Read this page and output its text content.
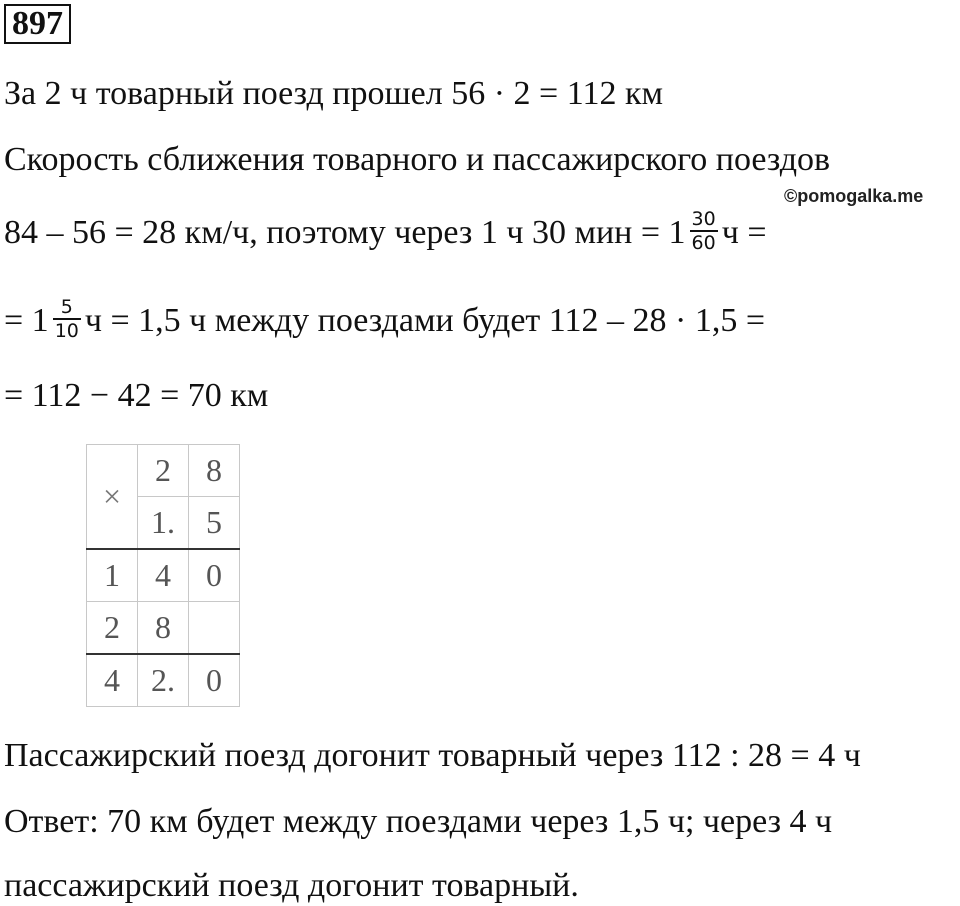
897
За 2 ч товарный поезд прошел 56 · 2 = 112 км
Скорость сближения товарного и пассажирского поездов
©pomogalka.me
84 – 56 = 28 км/ч, поэтому через 1 ч 30 мин = $1 \frac{30}{60}$ ч =
= $1 \frac{5}{10}$ ч = 1,5 ч между поездами будет 112 – 28 · 1,5 =
= 112 − 42 = 70 км
×	2	8
	1.	5
1	4	0
2	8	
4	2.	0
Пассажирский поезд догонит товарный через 112 : 28 = 4 ч
Ответ: 70 км будет между поездами через 1,5 ч; через 4 ч
пассажирский поезд догонит товарный.
